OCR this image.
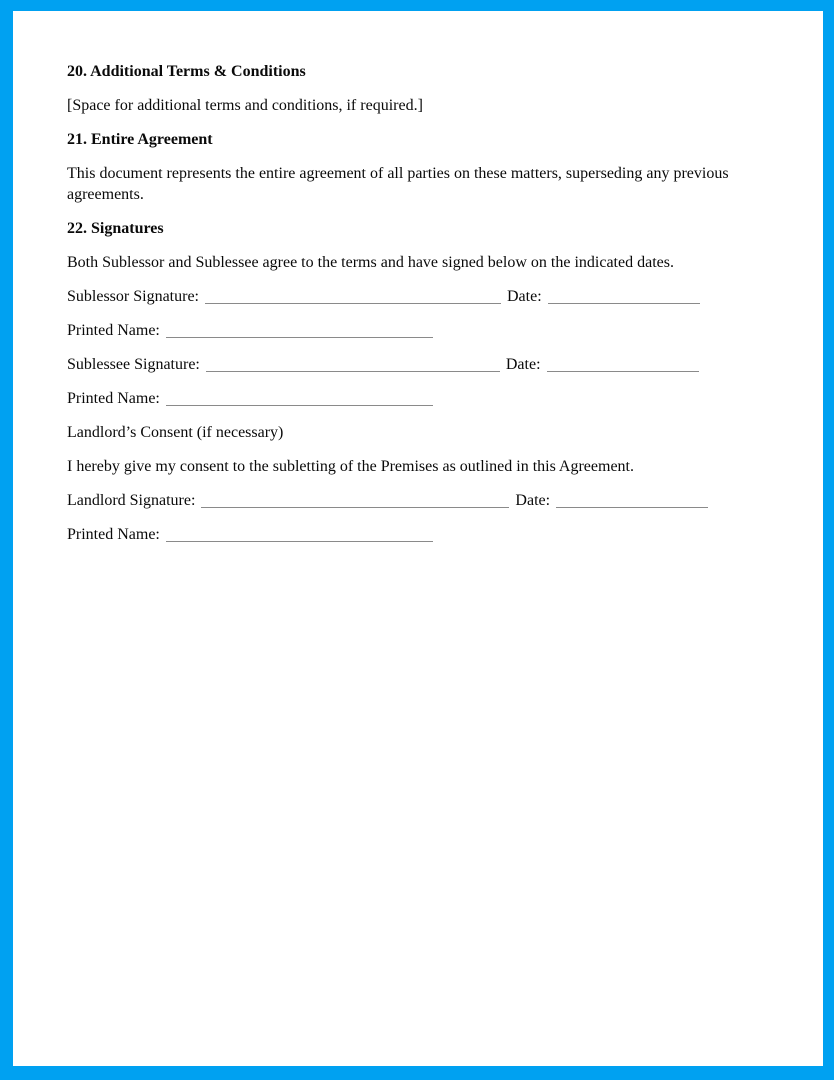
20. Additional Terms & Conditions

[Space for additional terms and conditions, if required.]

21. Entire Agreement

This document represents the entire agreement of all parties on these matters, superseding any previous agreements.

22. Signatures

Both Sublessor and Sublessee agree to the terms and have signed below on the indicated dates.

Sublessor Signature:	Date:

Printed Name:

Sublessee Signature:	Date:

Printed Name:

Landlord’s Consent (if necessary)

I hereby give my consent to the subletting of the Premises as outlined in this Agreement.

Landlord Signature:	Date:

Printed Name:
